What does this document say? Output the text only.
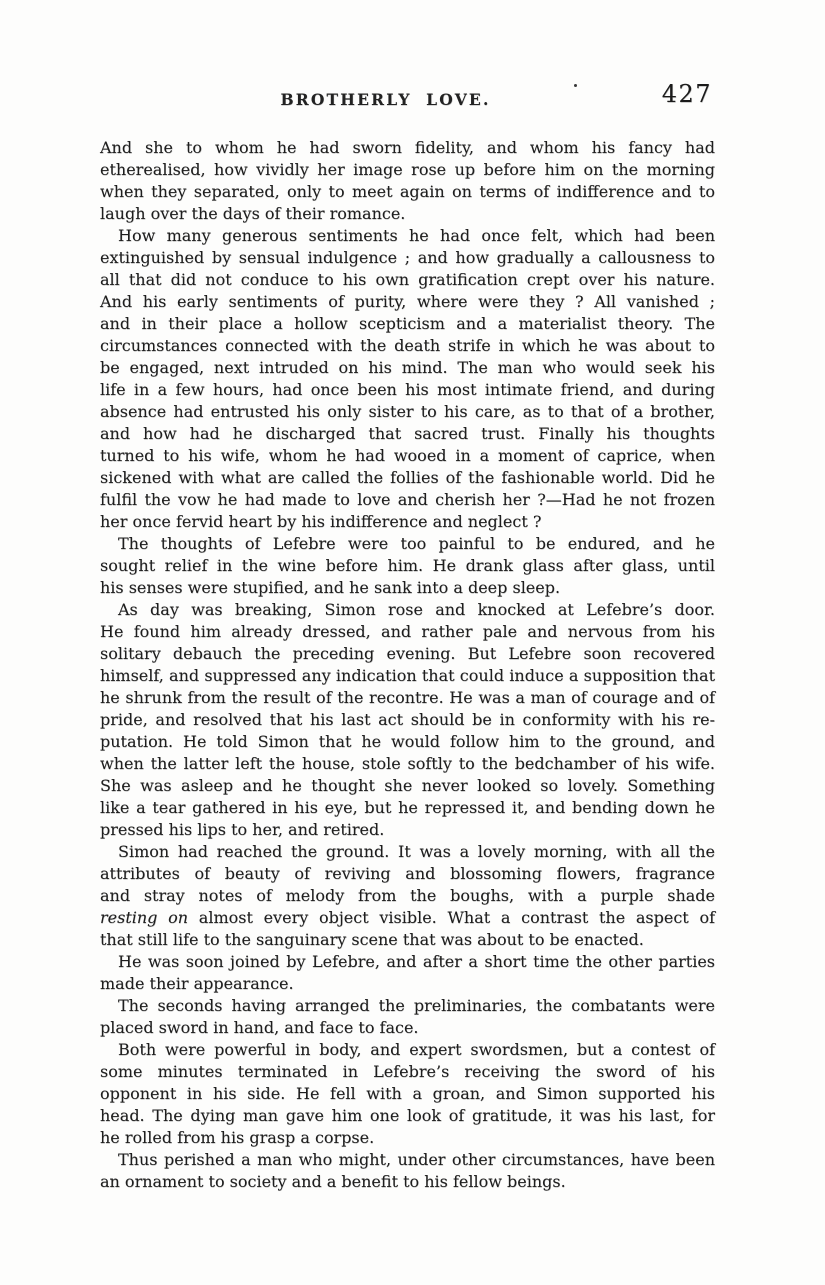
BROTHERLY LOVE.	427

And she to whom he had sworn fidelity, and whom his fancy had
etherealised, how vividly her image rose up before him on the morning
when they separated, only to meet again on terms of indifference and to
laugh over the days of their romance.

How many generous sentiments he had once felt, which had been
extinguished by sensual indulgence ; and how gradually a callousness to
all that did not conduce to his own gratification crept over his nature.
And his early sentiments of purity, where were they ? All vanished ;
and in their place a hollow scepticism and a materialist theory. The
circumstances connected with the death strife in which he was about to
be engaged, next intruded on his mind. The man who would seek his
life in a few hours, had once been his most intimate friend, and during
absence had entrusted his only sister to his care, as to that of a brother,
and how had he discharged that sacred trust. Finally his thoughts
turned to his wife, whom he had wooed in a moment of caprice, when
sickened with what are called the follies of the fashionable world. Did he
fulfil the vow he had made to love and cherish her ?—Had he not frozen
her once fervid heart by his indifference and neglect ?

The thoughts of Lefebre were too painful to be endured, and he
sought relief in the wine before him. He drank glass after glass, until
his senses were stupified, and he sank into a deep sleep.

As day was breaking, Simon rose and knocked at Lefebre’s door.
He found him already dressed, and rather pale and nervous from his
solitary debauch the preceding evening. But Lefebre soon recovered
himself, and suppressed any indication that could induce a supposition that
he shrunk from the result of the recontre. He was a man of courage and of
pride, and resolved that his last act should be in conformity with his re-
putation. He told Simon that he would follow him to the ground, and
when the latter left the house, stole softly to the bedchamber of his wife.
She was asleep and he thought she never looked so lovely. Something
like a tear gathered in his eye, but he repressed it, and bending down he
pressed his lips to her, and retired.

Simon had reached the ground. It was a lovely morning, with all the
attributes of beauty of reviving and blossoming flowers, fragrance
and stray notes of melody from the boughs, with a purple shade
resting on almost every object visible. What a contrast the aspect of
that still life to the sanguinary scene that was about to be enacted.

He was soon joined by Lefebre, and after a short time the other parties
made their appearance.

The seconds having arranged the preliminaries, the combatants were
placed sword in hand, and face to face.

Both were powerful in body, and expert swordsmen, but a contest of
some minutes terminated in Lefebre’s receiving the sword of his
opponent in his side. He fell with a groan, and Simon supported his
head. The dying man gave him one look of gratitude, it was his last, for
he rolled from his grasp a corpse.

Thus perished a man who might, under other circumstances, have been
an ornament to society and a benefit to his fellow beings.
